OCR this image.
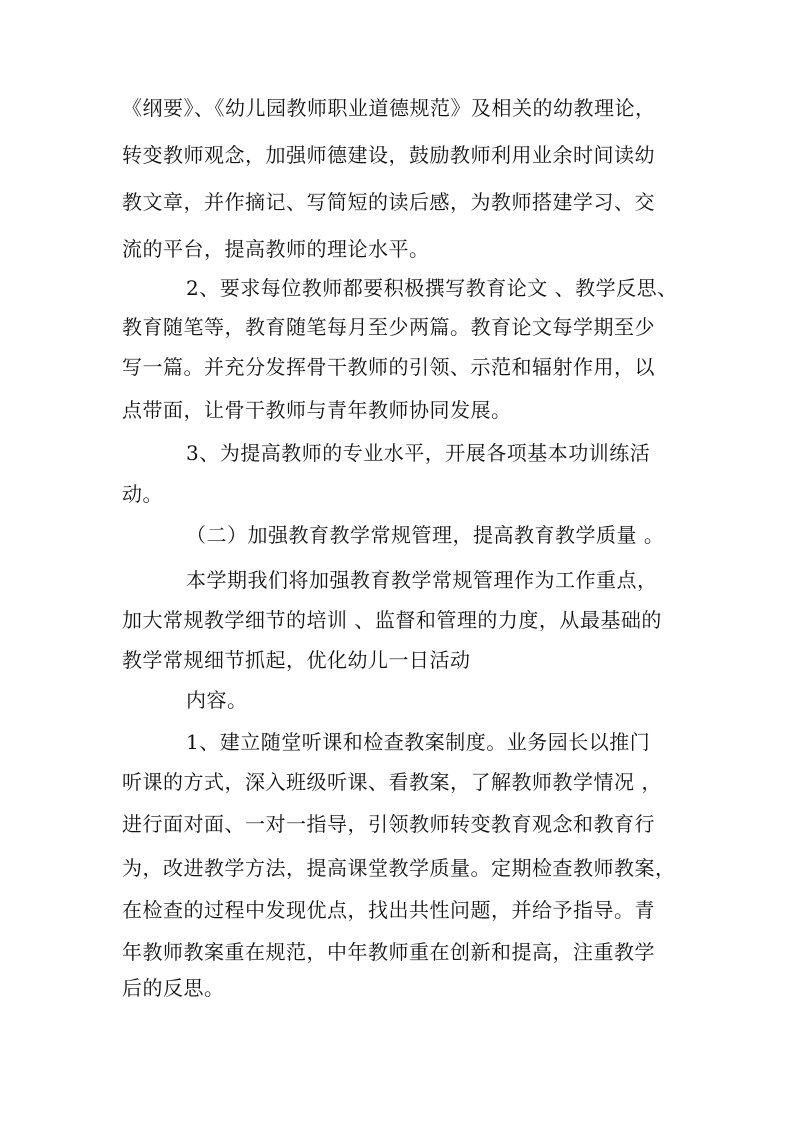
《纲要》、《幼儿园教师职业道德规范》及相关的幼教理论，
转变教师观念，加强师德建设，鼓励教师利用业余时间读幼
教文章，并作摘记、写简短的读后感，为教师搭建学习、交
流的平台，提高教师的理论水平。
2、要求每位教师都要积极撰写教育论文 、教学反思、
教育随笔等，教育随笔每月至少两篇。教育论文每学期至少
写一篇。并充分发挥骨干教师的引领、示范和辐射作用，以
点带面，让骨干教师与青年教师协同发展。
3、为提高教师的专业水平，开展各项基本功训练活
动。
（二）加强教育教学常规管理，提高教育教学质量 。
本学期我们将加强教育教学常规管理作为工作重点，
加大常规教学细节的培训 、监督和管理的力度，从最基础的
教学常规细节抓起，优化幼儿一日活动
内容。
1、建立随堂听课和检查教案制度。业务园长以推门
听课的方式，深入班级听课、看教案，了解教师教学情况 ，
进行面对面、一对一指导，引领教师转变教育观念和教育行
为，改进教学方法，提高课堂教学质量。定期检查教师教案，
在检查的过程中发现优点，找出共性问题，并给予指导。青
年教师教案重在规范，中年教师重在创新和提高，注重教学
后的反思。
